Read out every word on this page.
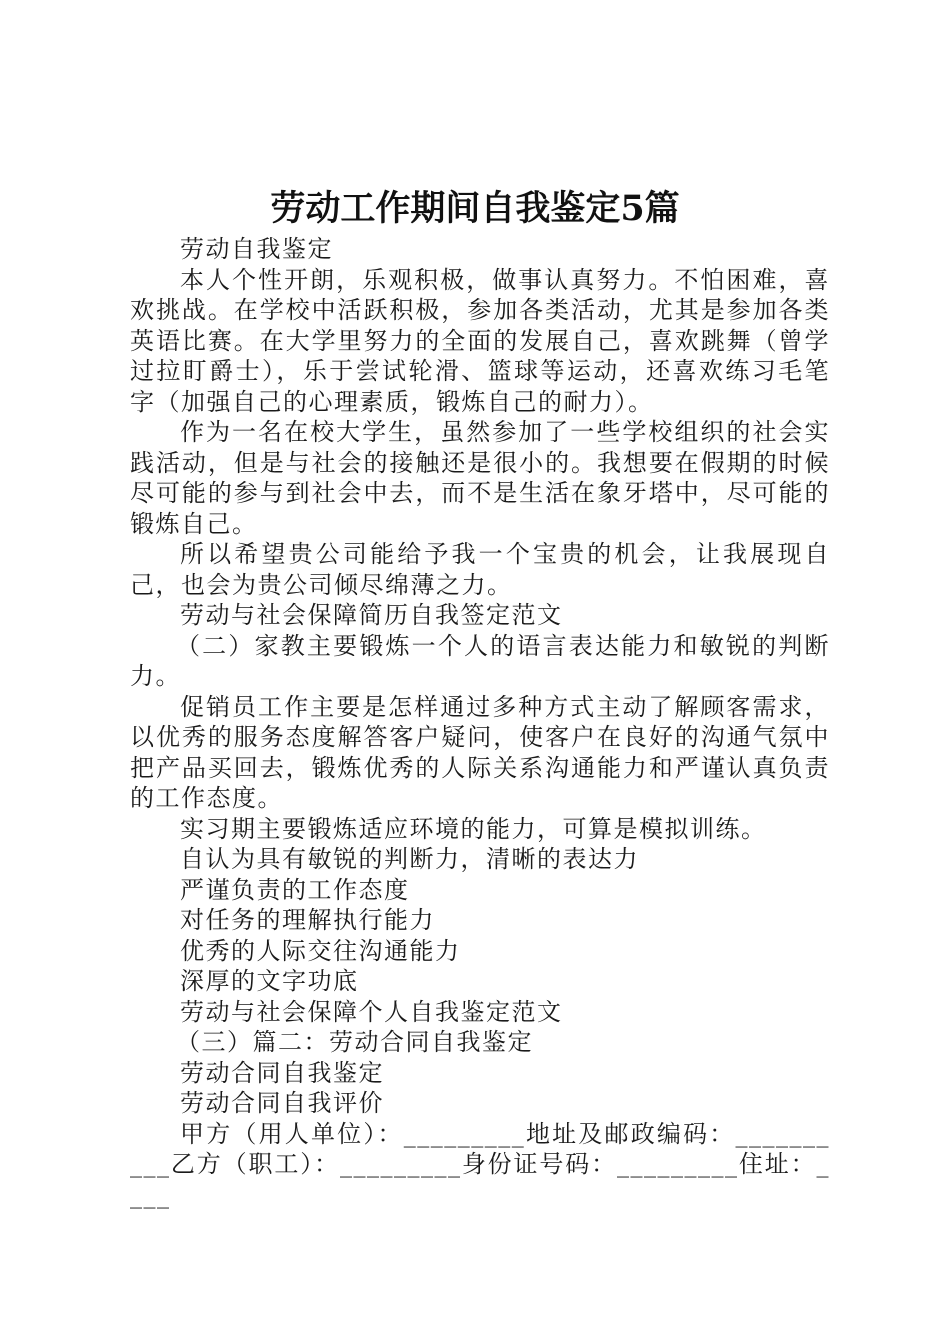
劳动工作期间自我鉴定5篇

劳动自我鉴定

本人个性开朗，乐观积极，做事认真努力。不怕困难，喜欢挑战。在学校中活跃积极，参加各类活动，尤其是参加各类英语比赛。在大学里努力的全面的发展自己，喜欢跳舞（曾学过拉盯爵士），乐于尝试轮滑、篮球等运动，还喜欢练习毛笔字（加强自己的心理素质，锻炼自己的耐力）。

作为一名在校大学生，虽然参加了一些学校组织的社会实践活动，但是与社会的接触还是很小的。我想要在假期的时候尽可能的参与到社会中去，而不是生活在象牙塔中，尽可能的锻炼自己。

所以希望贵公司能给予我一个宝贵的机会，让我展现自己，也会为贵公司倾尽绵薄之力。

劳动与社会保障简历自我签定范文

（二）家教主要锻炼一个人的语言表达能力和敏锐的判断力。

促销员工作主要是怎样通过多种方式主动了解顾客需求，以优秀的服务态度解答客户疑问，使客户在良好的沟通气氛中把产品买回去，锻炼优秀的人际关系沟通能力和严谨认真负责的工作态度。

实习期主要锻炼适应环境的能力，可算是模拟训练。

自认为具有敏锐的判断力，清晰的表达力

严谨负责的工作态度

对任务的理解执行能力

优秀的人际交往沟通能力

深厚的文字功底

劳动与社会保障个人自我鉴定范文

（三）篇二：劳动合同自我鉴定

劳动合同自我鉴定

劳动合同自我评价

甲方（用人单位）：_________地址及邮政编码：__________乙方（职工）：_________身份证号码：_________住址：____
